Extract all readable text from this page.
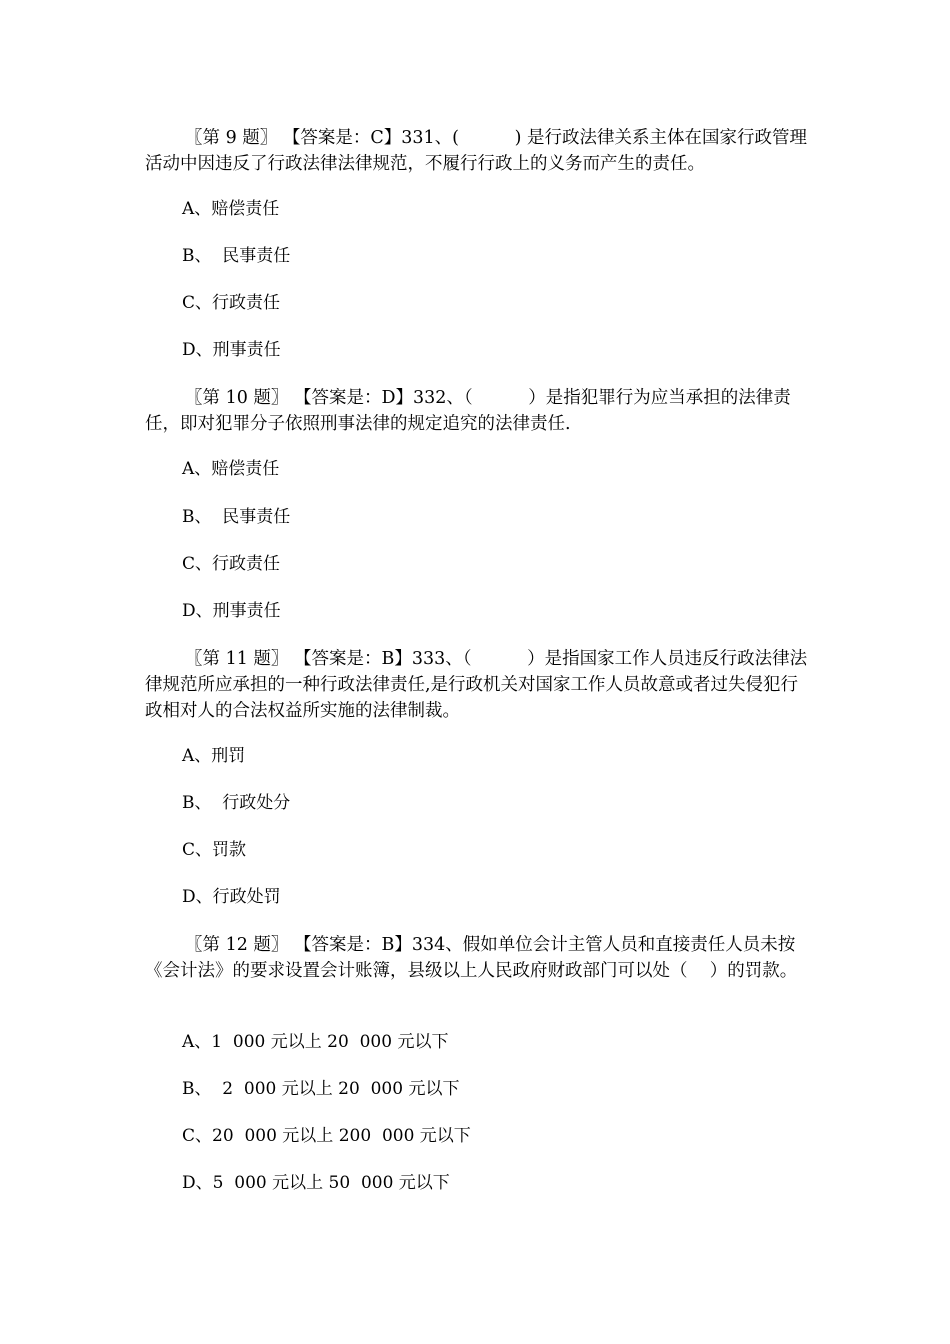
〖第 9 题〗 【答案是：C】331、(          ) 是行政法律关系主体在国家行政管理活动中因违反了行政法律法律规范，不履行行政上的义务而产生的责任。

A、赔偿责任

B、  民事责任

C、行政责任

D、刑事责任

〖第 10 题〗 【答案是：D】332、（          ）是指犯罪行为应当承担的法律责任，即对犯罪分子依照刑事法律的规定追究的法律责任.

A、赔偿责任

B、  民事责任

C、行政责任

D、刑事责任

〖第 11 题〗 【答案是：B】333、（          ）是指国家工作人员违反行政法律法律规范所应承担的一种行政法律责任,是行政机关对国家工作人员故意或者过失侵犯行政相对人的合法权益所实施的法律制裁。

A、刑罚

B、  行政处分

C、罚款

D、行政处罚

〖第 12 题〗 【答案是：B】334、假如单位会计主管人员和直接责任人员未按《会计法》的要求设置会计账簿，县级以上人民政府财政部门可以处（    ）的罚款。

A、1  000 元以上 20  000 元以下

B、  2  000 元以上 20  000 元以下

C、20  000 元以上 200  000 元以下

D、5  000 元以上 50  000 元以下
